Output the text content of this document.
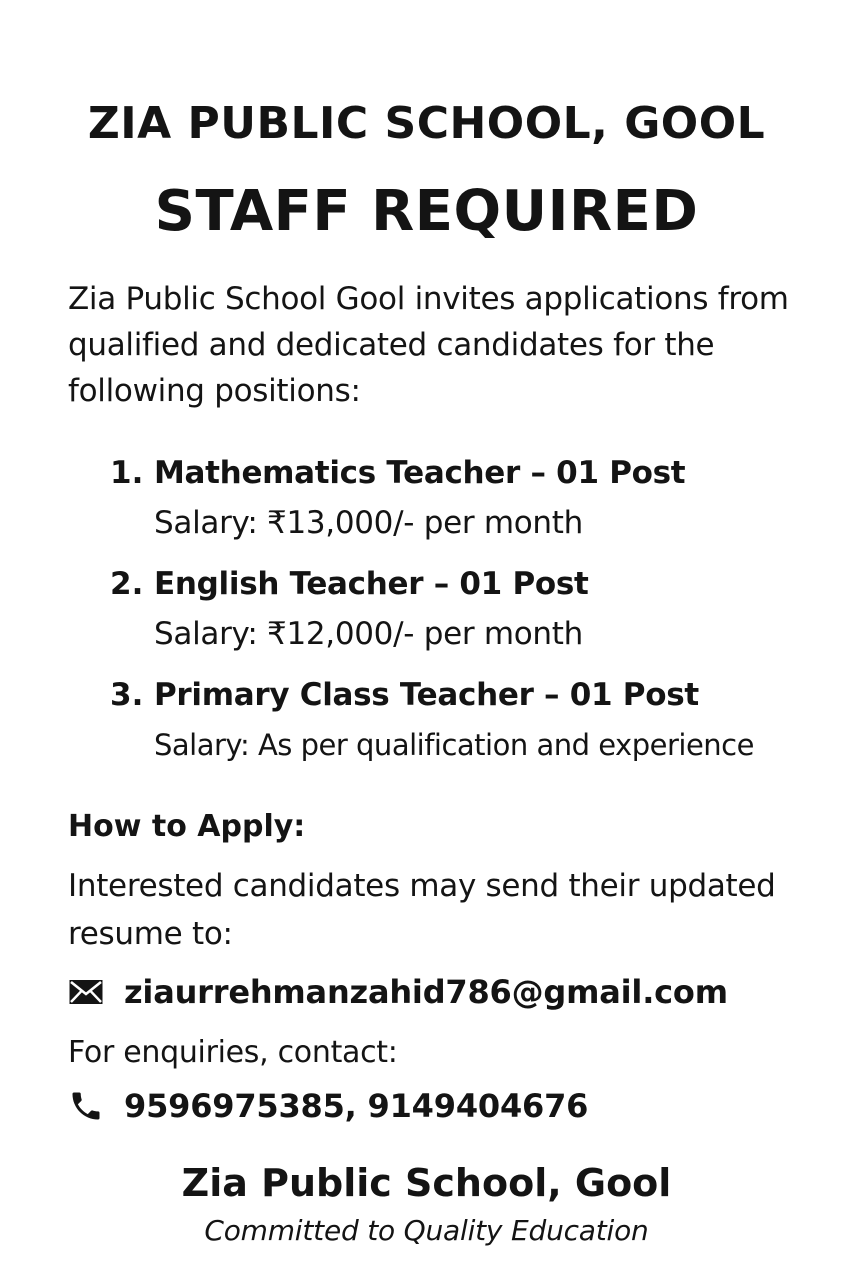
ZIA PUBLIC SCHOOL, GOOL
STAFF REQUIRED
Zia Public School Gool invites applications from
qualified and dedicated candidates for the
following positions:
1. Mathematics Teacher – 01 Post
Salary: ₹13,000/- per month
2. English Teacher – 01 Post
Salary: ₹12,000/- per month
3. Primary Class Teacher – 01 Post
Salary: As per qualification and experience
How to Apply:
Interested candidates may send their updated
resume to:
ziaurrehmanzahid786@gmail.com
For enquiries, contact:
9596975385, 9149404676
Zia Public School, Gool
Committed to Quality Education
